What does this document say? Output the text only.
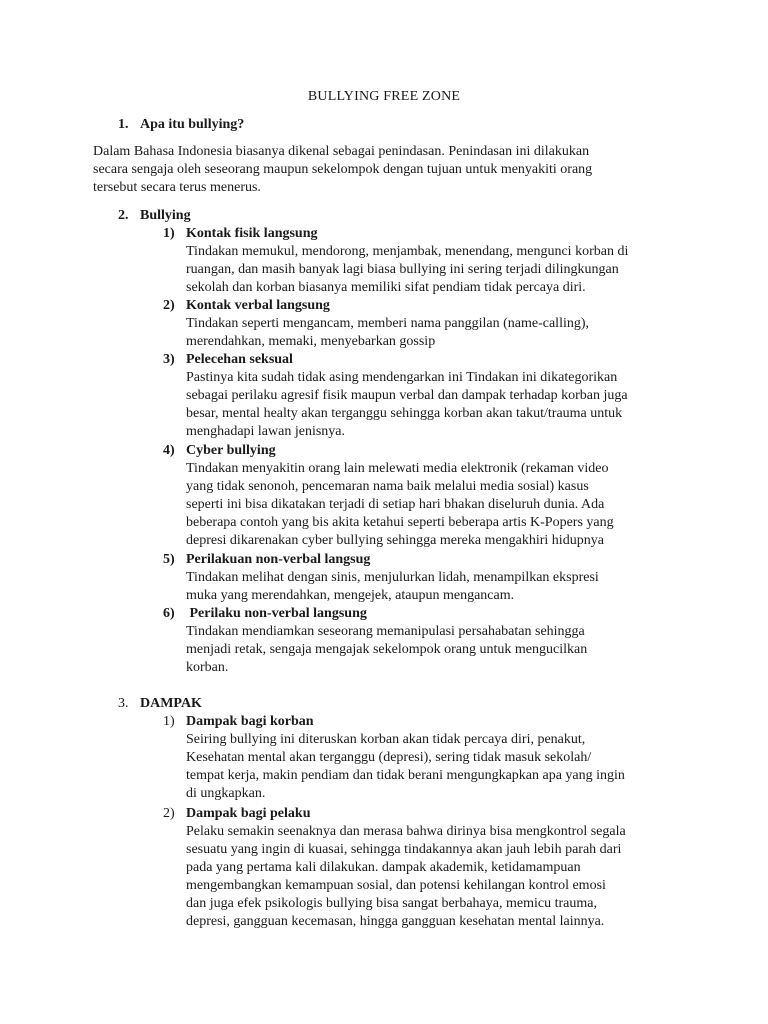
BULLYING FREE ZONE
1. Apa itu bullying?
Dalam Bahasa Indonesia biasanya dikenal sebagai penindasan. Penindasan ini dilakukan
secara sengaja oleh seseorang maupun sekelompok dengan tujuan untuk menyakiti orang
tersebut secara terus menerus.
2. Bullying
1) Kontak fisik langsung
Tindakan memukul, mendorong, menjambak, menendang, mengunci korban di
ruangan, dan masih banyak lagi biasa bullying ini sering terjadi dilingkungan
sekolah dan korban biasanya memiliki sifat pendiam tidak percaya diri.
2) Kontak verbal langsung
Tindakan seperti mengancam, memberi nama panggilan (name-calling),
merendahkan, memaki, menyebarkan gossip
3) Pelecehan seksual
Pastinya kita sudah tidak asing mendengarkan ini Tindakan ini dikategorikan
sebagai perilaku agresif fisik maupun verbal dan dampak terhadap korban juga
besar, mental healty akan terganggu sehingga korban akan takut/trauma untuk
menghadapi lawan jenisnya.
4) Cyber bullying
Tindakan menyakitin orang lain melewati media elektronik (rekaman video
yang tidak senonoh, pencemaran nama baik melalui media sosial) kasus
seperti ini bisa dikatakan terjadi di setiap hari bhakan diseluruh dunia. Ada
beberapa contoh yang bis akita ketahui seperti beberapa artis K-Popers yang
depresi dikarenakan cyber bullying sehingga mereka mengakhiri hidupnya
5) Perilakuan non-verbal langsug
Tindakan melihat dengan sinis, menjulurkan lidah, menampilkan ekspresi
muka yang merendahkan, mengejek, ataupun mengancam.
6) Perilaku non-verbal langsung
Tindakan mendiamkan seseorang memanipulasi persahabatan sehingga
menjadi retak, sengaja mengajak sekelompok orang untuk mengucilkan
korban.
3. DAMPAK
1) Dampak bagi korban
Seiring bullying ini diteruskan korban akan tidak percaya diri, penakut,
Kesehatan mental akan terganggu (depresi), sering tidak masuk sekolah/
tempat kerja, makin pendiam dan tidak berani mengungkapkan apa yang ingin
di ungkapkan.
2) Dampak bagi pelaku
Pelaku semakin seenaknya dan merasa bahwa dirinya bisa mengkontrol segala
sesuatu yang ingin di kuasai, sehingga tindakannya akan jauh lebih parah dari
pada yang pertama kali dilakukan. dampak akademik, ketidamampuan
mengembangkan kemampuan sosial, dan potensi kehilangan kontrol emosi
dan juga efek psikologis bullying bisa sangat berbahaya, memicu trauma,
depresi, gangguan kecemasan, hingga gangguan kesehatan mental lainnya.
